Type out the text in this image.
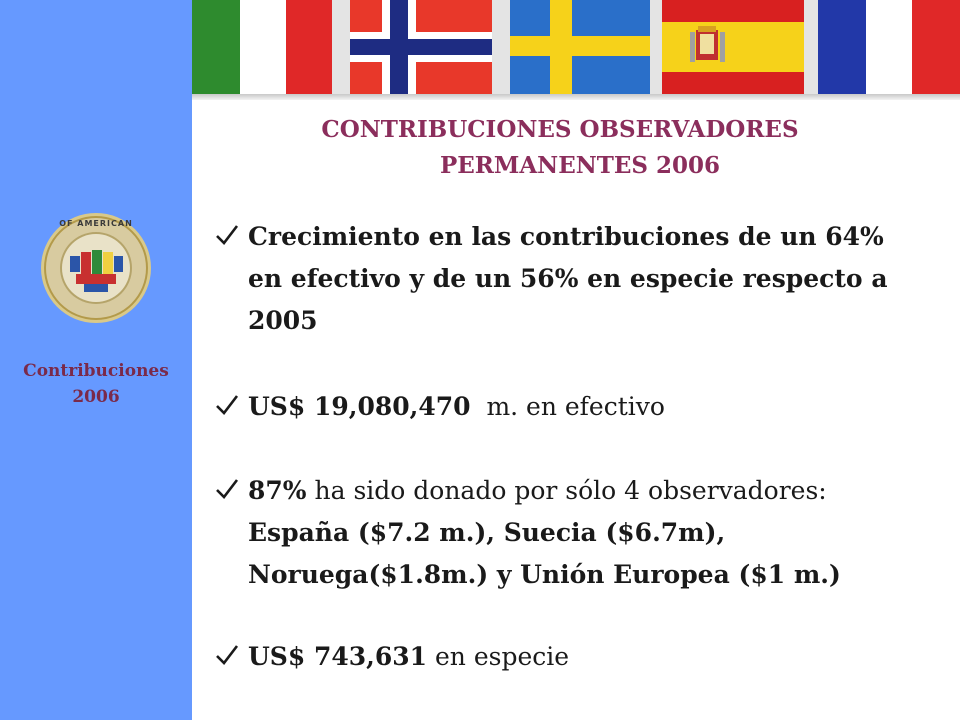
OF AMERICAN
Contribuciones
2006
CONTRIBUCIONES OBSERVADORES
PERMANENTES 2006
Crecimiento en las contribuciones de un 64%
en efectivo y de un 56% en especie respecto a
2005
US$ 19,080,470 m. en efectivo
87% ha sido donado por sólo 4 observadores:
España ($7.2 m.), Suecia ($6.7m),
Noruega($1.8m.) y Unión Europea ($1 m.)
US$ 743,631 en especie
